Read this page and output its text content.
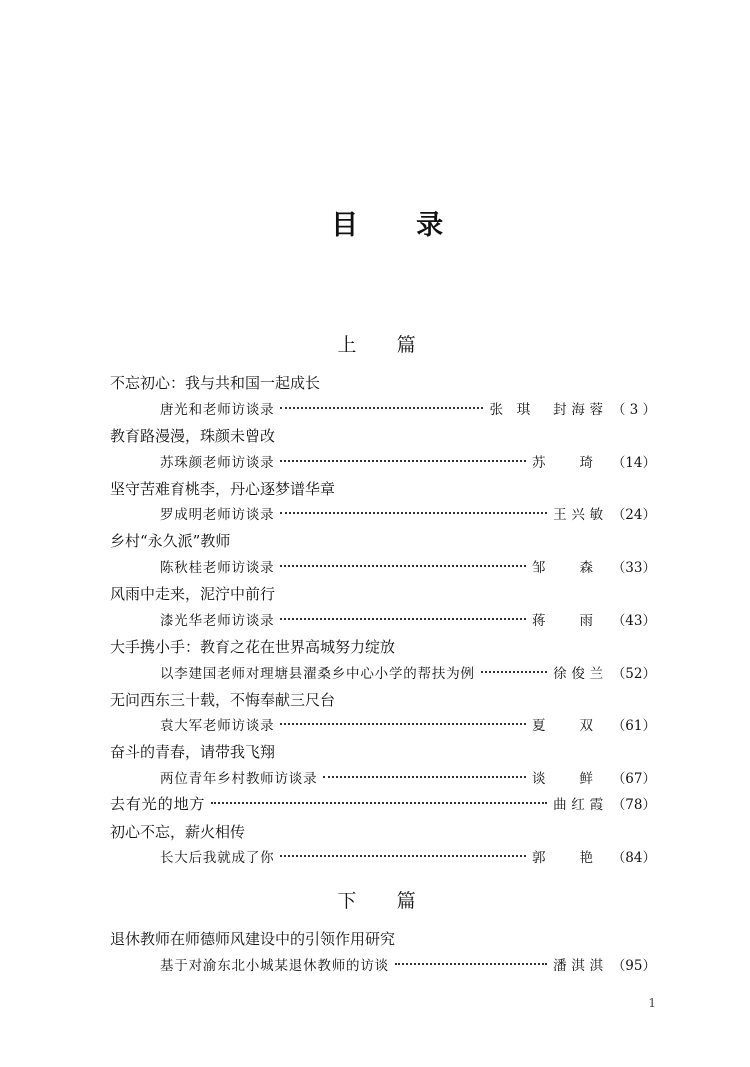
目 录
上 篇
不忘初心：我与共和国一起成长
唐光和老师访谈录	张 琪　封海蓉 （ 3 ）
教育路漫漫，珠颜未曾改
苏珠颜老师访谈录	苏 琦 （14）
坚守苦难育桃李，丹心逐梦谱华章
罗成明老师访谈录	王兴敏 （24）
乡村“永久派”教师
陈秋桂老师访谈录	邹 森 （33）
风雨中走来，泥泞中前行
漆光华老师访谈录	蒋 雨 （43）
大手携小手：教育之花在世界高城努力绽放
以李建国老师对理塘县濯桑乡中心小学的帮扶为例	徐俊兰 （52）
无问西东三十载，不悔奉献三尺台
袁大军老师访谈录	夏 双 （61）
奋斗的青春，请带我飞翔
两位青年乡村教师访谈录	谈 鲜 （67）
去有光的地方	曲红霞 （78）
初心不忘，薪火相传
长大后我就成了你	郭 艳 （84）
下 篇
退休教师在师德师风建设中的引领作用研究
基于对渝东北小城某退休教师的访谈	潘淇淇 （95）
1
